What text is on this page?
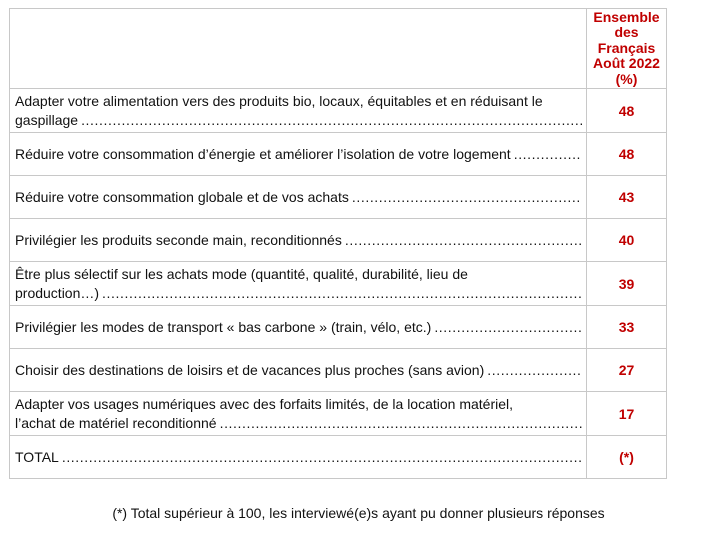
	Ensemble des
Français
Août 2022
(%)

Adapter votre alimentation vers des produits bio, locaux, équitables et en réduisant le
gaspillage
.....	48

Réduire votre consommation d’énergie et améliorer l’isolation de votre logement
.....	48

Réduire votre consommation globale et de vos achats
.....	43

Privilégier les produits seconde main, reconditionnés
.....	40

Être plus sélectif sur les achats mode (quantité, qualité, durabilité, lieu de
production…)
.....	39

Privilégier les modes de transport « bas carbone » (train, vélo, etc.)
.....	33

Choisir des destinations de loisirs et de vacances plus proches (sans avion)
.....	27

Adapter vos usages numériques avec des forfaits limités, de la location matériel,
l’achat de matériel reconditionné
.....	17

TOTAL
.....	(*)
(*) Total supérieur à 100, les interviewé(e)s ayant pu donner plusieurs réponses
